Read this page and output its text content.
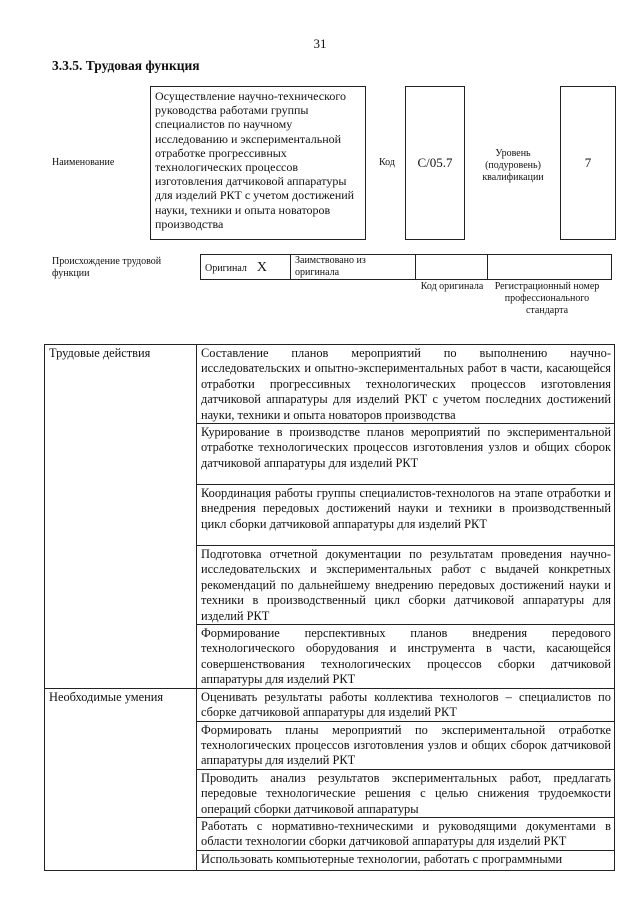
31
3.3.5. Трудовая функция
Наименование
Осуществление научно-технического руководства работами группы специалистов по научному исследованию и экспериментальной отработке прогрессивных технологических процессов изготовления датчиковой аппаратуры для изделий РКТ с учетом достижений науки, техники и опыта новаторов производства
Код C/05.7
Уровень (подуровень) квалификации
7
Происхождение трудовой функции	Оригинал X	Заимствовано из оригинала		
Код оригинала	Регистрационный номер профессионального стандарта
Трудовые действия	Составление планов мероприятий по выполнению научно-исследовательских и опытно-экспериментальных работ в части, касающейся отработки прогрессивных технологических процессов изготовления датчиковой аппаратуры для изделий РКТ с учетом последних достижений науки, техники и опыта новаторов производства
	Курирование в производстве планов мероприятий по экспериментальной отработке технологических процессов изготовления узлов и общих сборок датчиковой аппаратуры для изделий РКТ
	Координация работы группы специалистов-технологов на этапе отработки и внедрения передовых достижений науки и техники в производственный цикл сборки датчиковой аппаратуры для изделий РКТ
	Подготовка отчетной документации по результатам проведения научно-исследовательских и экспериментальных работ с выдачей конкретных рекомендаций по дальнейшему внедрению передовых достижений науки и техники в производственный цикл сборки датчиковой аппаратуры для изделий РКТ
	Формирование перспективных планов внедрения передового технологического оборудования и инструмента в части, касающейся совершенствования технологических процессов сборки датчиковой аппаратуры для изделий РКТ
Необходимые умения	Оценивать результаты работы коллектива технологов – специалистов по сборке датчиковой аппаратуры для изделий РКТ
	Формировать планы мероприятий по экспериментальной отработке технологических процессов изготовления узлов и общих сборок датчиковой аппаратуры для изделий РКТ
	Проводить анализ результатов экспериментальных работ, предлагать передовые технологические решения с целью снижения трудоемкости операций сборки датчиковой аппаратуры
	Работать с нормативно-техническими и руководящими документами в области технологии сборки датчиковой аппаратуры для изделий РКТ
	Использовать компьютерные технологии, работать с программными
